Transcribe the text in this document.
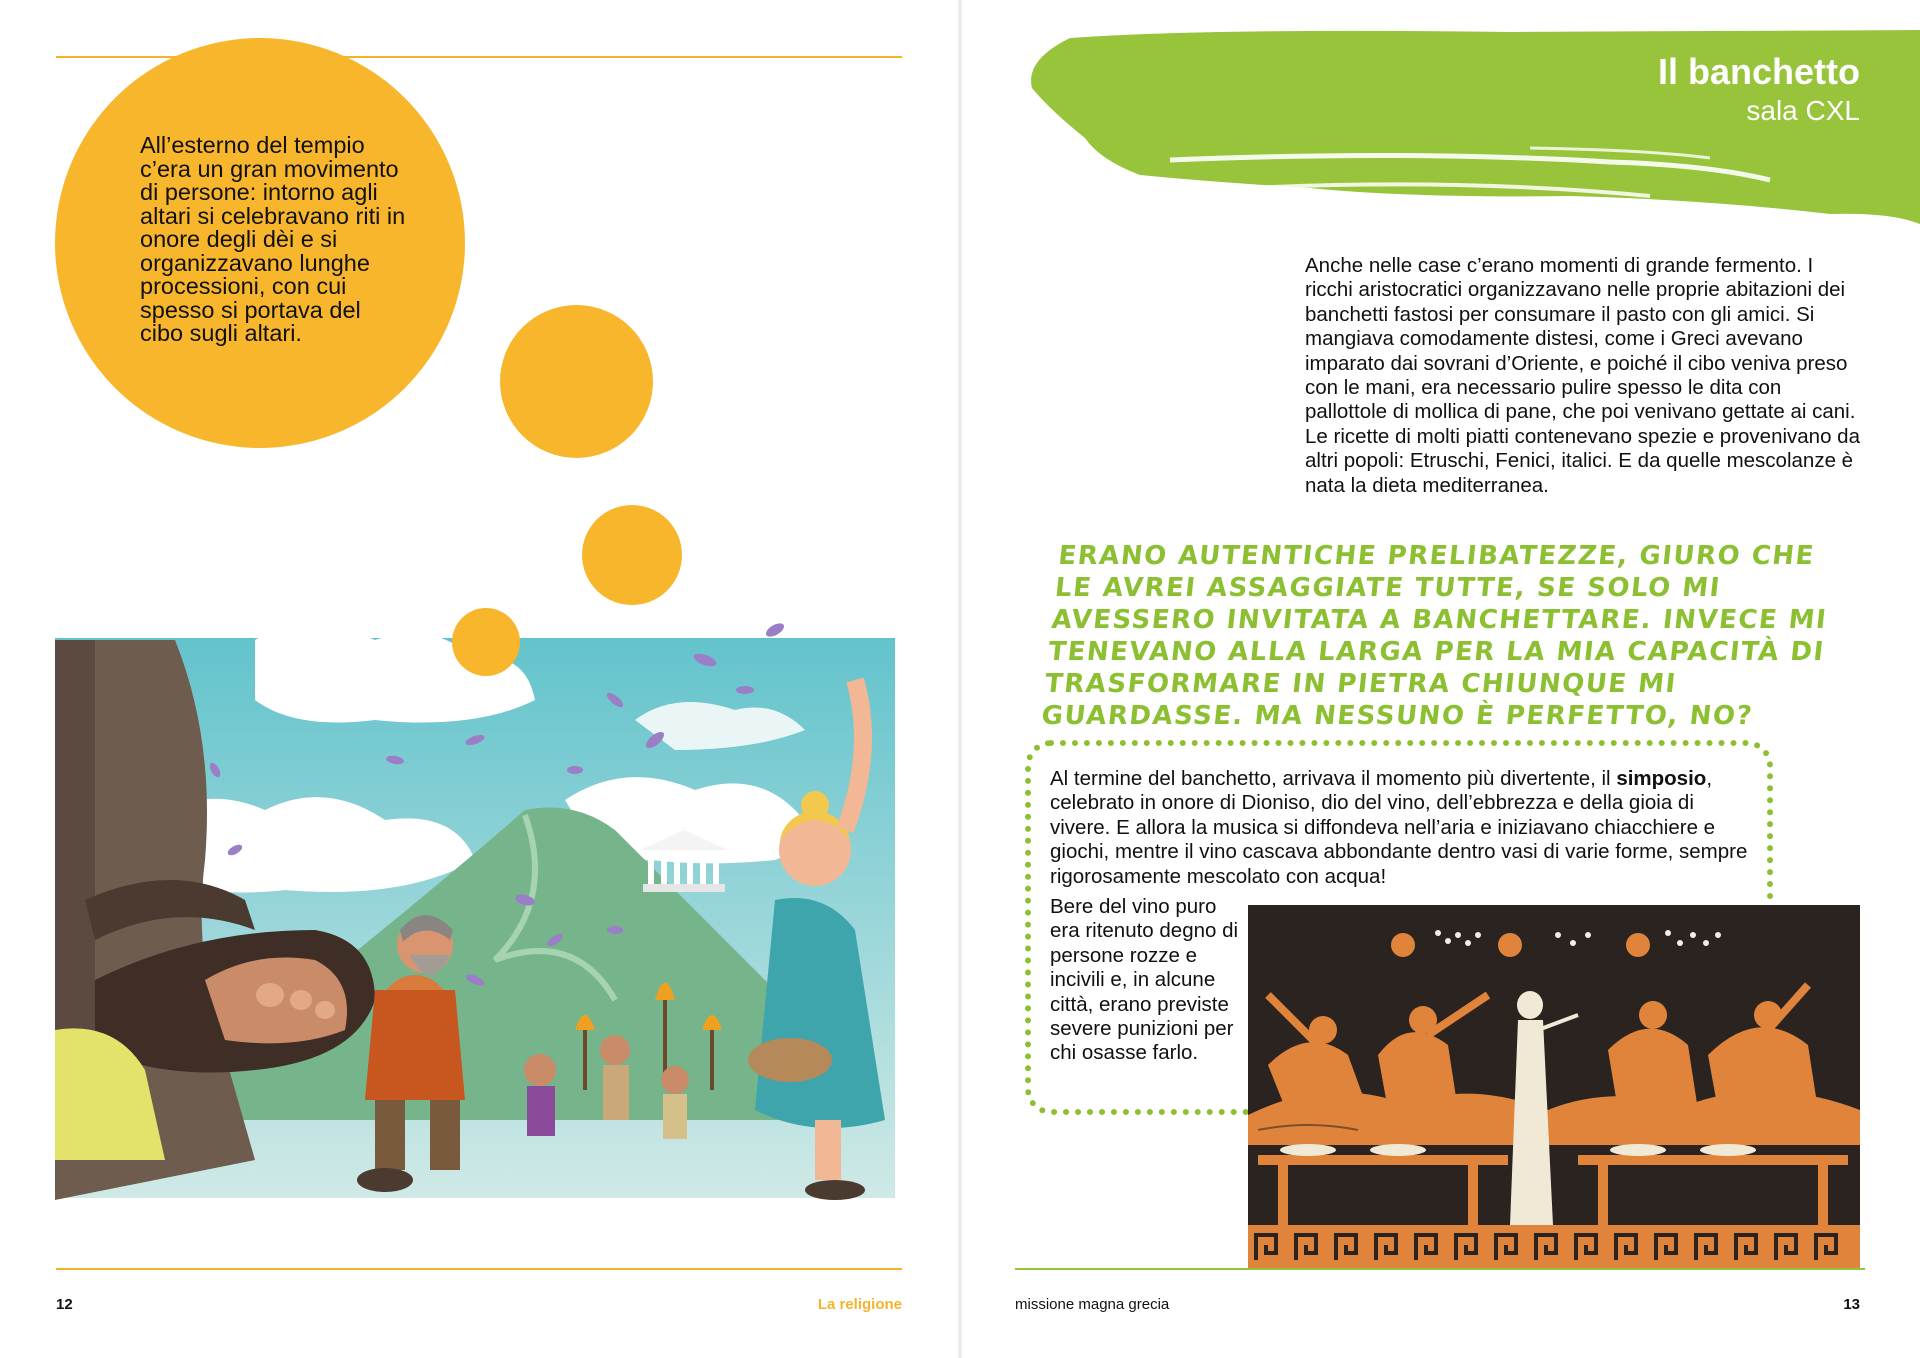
All’esterno del tempio c’era un gran movimento di persone: intorno agli altari si celebravano riti in onore degli dèi e si organizzavano lunghe processioni, con cui spesso si portava del cibo sugli altari.

12	La religione
Il banchetto
sala CXL

Anche nelle case c’erano momenti di grande fermento. I ricchi aristocratici organizzavano nelle proprie abitazioni dei banchetti fastosi per consumare il pasto con gli amici. Si mangiava comodamente distesi, come i Greci avevano imparato dai sovrani d’Oriente, e poiché il cibo veniva preso con le mani, era necessario pulire spesso le dita con pallottole di mollica di pane, che poi venivano gettate ai cani. Le ricette di molti piatti contenevano spezie e provenivano da altri popoli: Etruschi, Fenici, italici. E da quelle mescolanze è nata la dieta mediterranea.

ERANO AUTENTICHE PRELIBATEZZE, GIURO CHE LE AVREI ASSAGGIATE TUTTE, SE SOLO MI AVESSERO INVITATA A BANCHETTARE. INVECE MI TENEVANO ALLA LARGA PER LA MIA CAPACITÀ DI TRASFORMARE IN PIETRA CHIUNQUE MI GUARDASSE. MA NESSUNO È PERFETTO, NO?

Al termine del banchetto, arrivava il momento più divertente, il simposio, celebrato in onore di Dioniso, dio del vino, dell’ebbrezza e della gioia di vivere. E allora la musica si diffondeva nell’aria e iniziavano chiacchiere e giochi, mentre il vino cascava abbondante dentro vasi di varie forme, sempre rigorosamente mescolato con acqua!

Bere del vino puro era ritenuto degno di persone rozze e incivili e, in alcune città, erano previste severe punizioni per chi osasse farlo.

missione magna grecia	13
